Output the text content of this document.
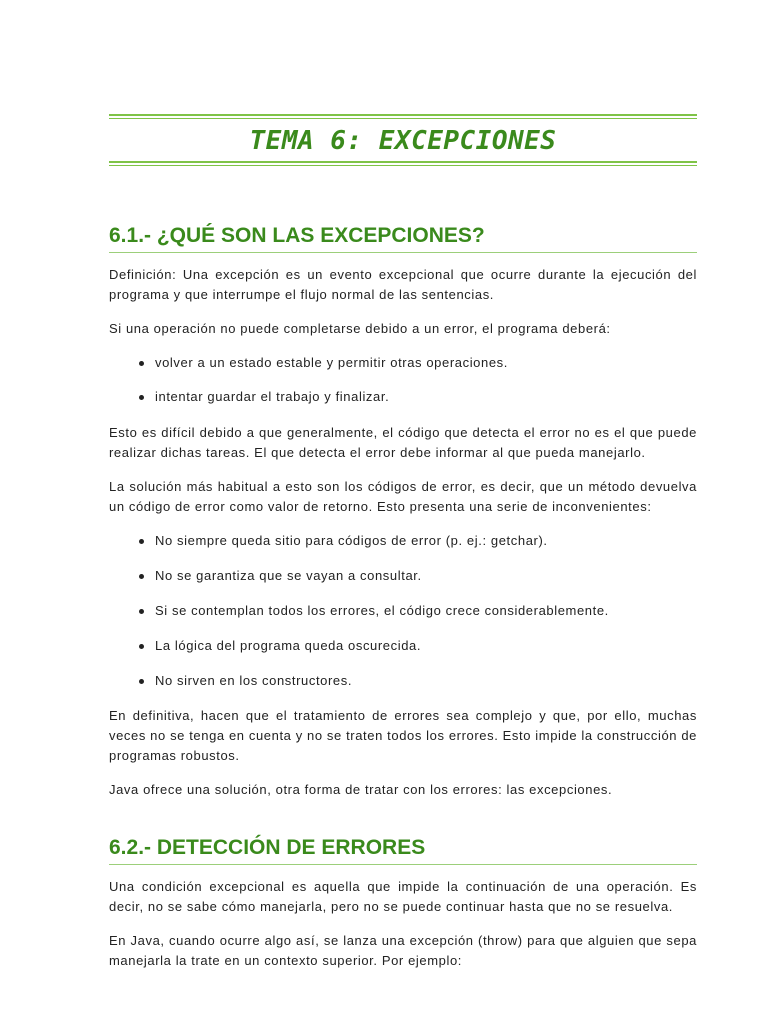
TEMA 6: EXCEPCIONES
6.1.- ¿QUÉ SON LAS EXCEPCIONES?

Definición: Una excepción es un evento excepcional que ocurre durante la ejecución del programa y que interrumpe el flujo normal de las sentencias.

Si una operación no puede completarse debido a un error, el programa deberá:

volver a un estado estable y permitir otras operaciones.
intentar guardar el trabajo y finalizar.

Esto es difícil debido a que generalmente, el código que detecta el error no es el que puede realizar dichas tareas. El que detecta el error debe informar al que pueda manejarlo.

La solución más habitual a esto son los códigos de error, es decir, que un método devuelva un código de error como valor de retorno. Esto presenta una serie de inconvenientes:

No siempre queda sitio para códigos de error (p. ej.: getchar).
No se garantiza que se vayan a consultar.
Si se contemplan todos los errores, el código crece considerablemente.
La lógica del programa queda oscurecida.
No sirven en los constructores.

En definitiva, hacen que el tratamiento de errores sea complejo y que, por ello, muchas veces no se tenga en cuenta y no se traten todos los errores. Esto impide la construcción de programas robustos.

Java ofrece una solución, otra forma de tratar con los errores: las excepciones.

6.2.- DETECCIÓN DE ERRORES

Una condición excepcional es aquella que impide la continuación de una operación. Es decir, no se sabe cómo manejarla, pero no se puede continuar hasta que no se resuelva.

En Java, cuando ocurre algo así, se lanza una excepción (throw) para que alguien que sepa manejarla la trate en un contexto superior. Por ejemplo:
